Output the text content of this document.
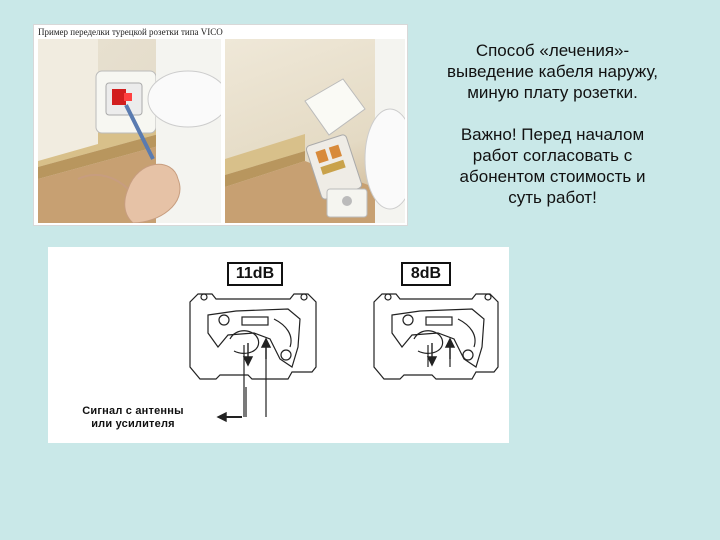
Пример переделки турецкой розетки типа VICO

Способ «лечения»-

выведение кабеля наружу,

миную плату розетки.

Важно! Перед началом

работ согласовать с

абонентом стоимость и

суть работ!

11dB	8dB
Сигнал с антенны
или усилителя
